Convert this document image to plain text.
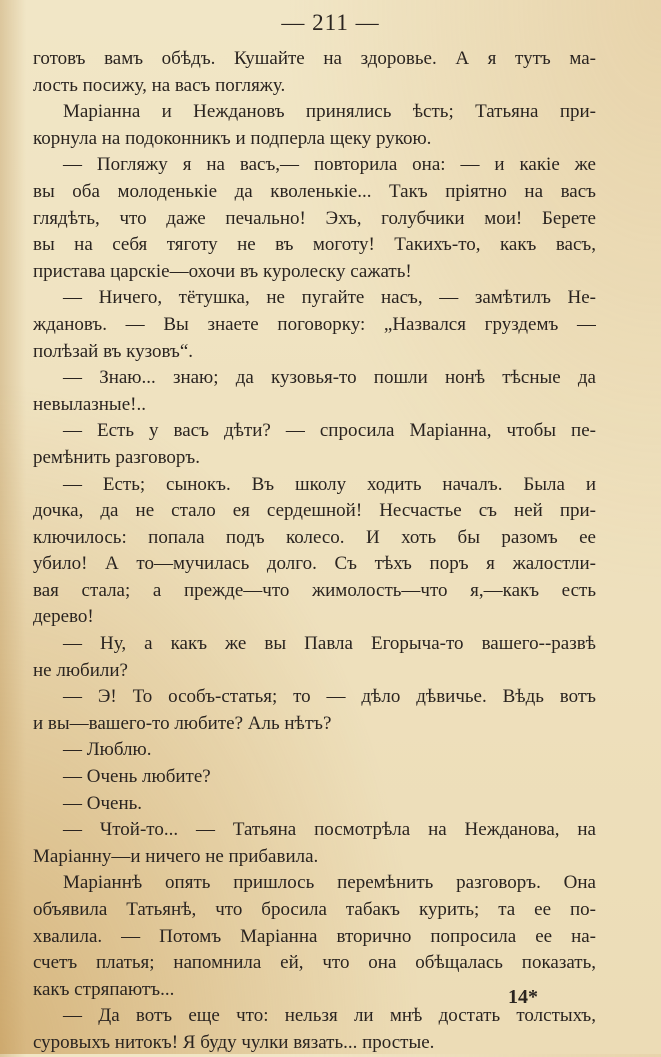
— 211 —
готовъ вамъ обѣдъ. Кушайте на здоровье. А я тутъ ма-
лость посижу, на васъ погляжу.
Маріанна и Неждановъ принялись ѣсть; Татьяна при-
корнула на подоконникъ и подперла щеку рукою.
— Погляжу я на васъ,— повторила она: — и какіе же
вы оба молоденькіе да кволенькіе... Такъ пріятно на васъ
глядѣть, что даже печально! Эхъ, голубчики мои! Берете
вы на себя тяготу не въ моготу! Такихъ-то, какъ васъ,
пристава царскіе—охочи въ куролеску сажать!
— Ничего, тётушка, не пугайте насъ, — замѣтилъ Не-
ждановъ. — Вы знаете поговорку: „Назвался груздемъ —
полѣзай въ кузовъ“.
— Знаю... знаю; да кузовья-то пошли нонѣ тѣсные да
невылазные!..
— Есть у васъ дѣти? — спросила Маріанна, чтобы пе-
ремѣнить разговоръ.
— Есть; сынокъ. Въ школу ходить началъ. Была и
дочка, да не стало ея сердешной! Несчастье съ ней при-
ключилось: попала подъ колесо. И хоть бы разомъ ее
убило! А то—мучилась долго. Съ тѣхъ поръ я жалостли-
вая стала; а прежде—что жимолость—что я,—какъ есть
дерево!
— Ну, а какъ же вы Павла Егорыча-то вашего--развѣ
не любили?
— Э! То особъ-статья; то — дѣло дѣвичье. Вѣдь вотъ
и вы—вашего-то любите? Аль нѣтъ?
— Люблю.
— Очень любите?
— Очень.
— Чтой-то... — Татьяна посмотрѣла на Нежданова, на
Маріанну—и ничего не прибавила.
Маріаннѣ опять пришлось перемѣнить разговоръ. Она
объявила Татьянѣ, что бросила табакъ курить; та ее по-
хвалила. — Потомъ Маріанна вторично попросила ее на-
счетъ платья; напомнила ей, что она обѣщалась показать,
какъ стряпаютъ...
— Да вотъ еще что: нельзя ли мнѣ достать толстыхъ,
суровыхъ нитокъ! Я буду чулки вязать... простые.
14*
